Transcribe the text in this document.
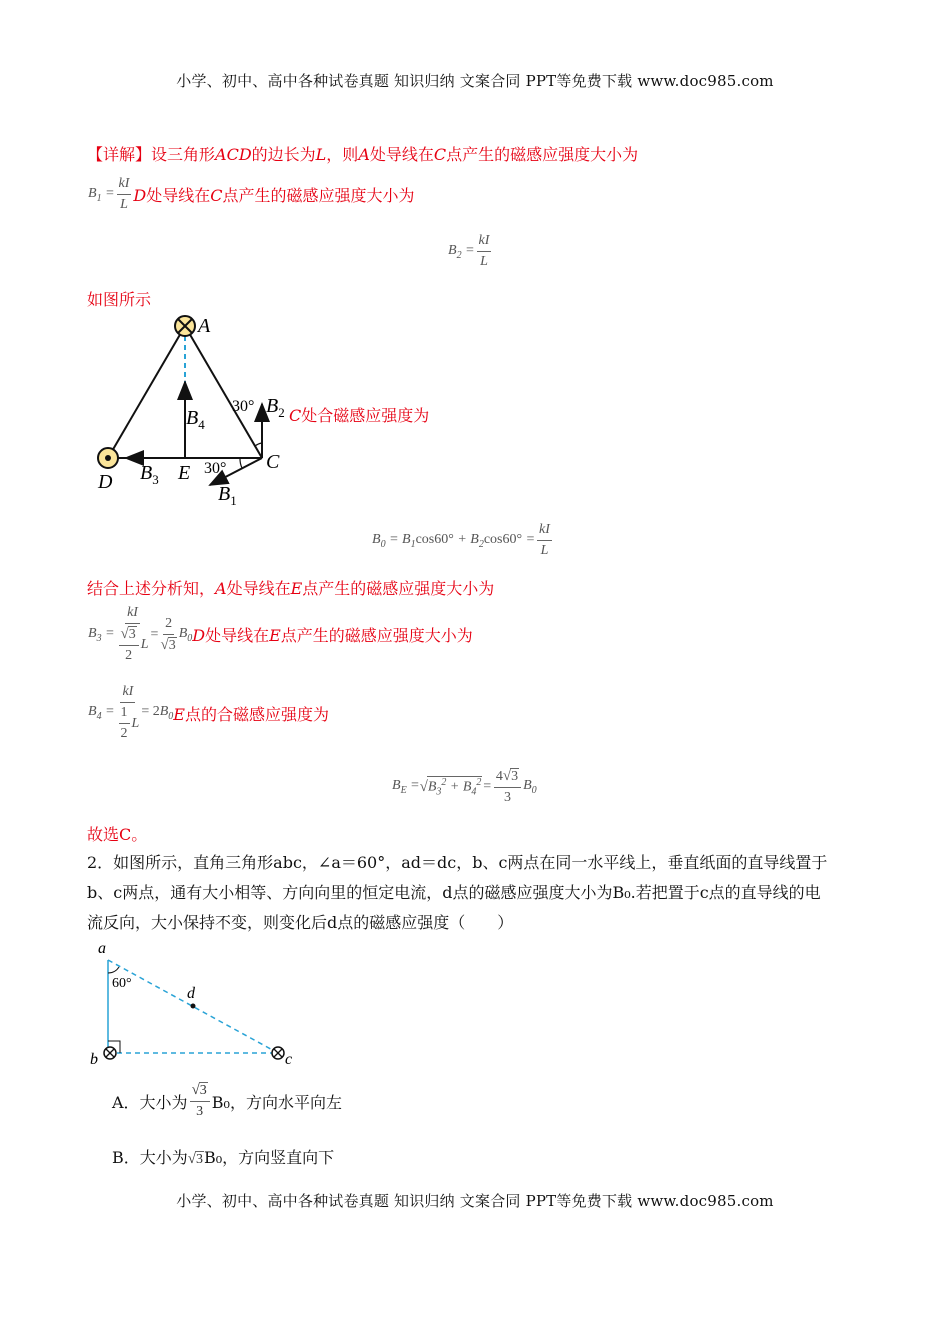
小学、初中、高中各种试卷真题 知识归纳 文案合同 PPT等免费下载 www.doc985.com
【详解】设三角形ACD的边长为L，则A处导线在C点产生的磁感应强度大小为
$B_1 = \frac{kI}{L}$ D处导线在C点产生的磁感应强度大小为
$B_2 = \frac{kI}{L}$
如图所示
A
$B_4$
30° $B_2$
D $B_3$ E 30° C
$B_1$
C处合磁感应强度为
$B_0 = B_1\cos 60^\circ + B_2\cos 60^\circ = \frac{kI}{L}$
结合上述分析知，A处导线在E点产生的磁感应强度大小为
$B_3 = \frac{kI}{\frac{√3}{2} L} = \frac{2}{√3} B_0$ D处导线在E点产生的磁感应强度大小为
$B_4 = \frac{kI}{\frac{1}{2} L} = 2B_0$ E点的合磁感应强度为
$B_E$ = √ $B_3^2 + B_4^2 = \frac{4√3}{3} B_0$
故选C。
2．如图所示，直角三角形abc，∠a＝60°，ad＝dc，b、c两点在同一水平线上，垂直纸面的直导线置于
b、c两点，通有大小相等、方向向里的恒定电流，d点的磁感应强度大小为B₀.若把置于c点的直导线的电
流反向，大小保持不变，则变化后d点的磁感应强度（　　）
a
60°
d
b	c
A．大小为 $\frac{√3}{3} B_0$，方向水平向左
B．大小为√3B₀，方向竖直向下
小学、初中、高中各种试卷真题 知识归纳 文案合同 PPT等免费下载 www.doc985.com
